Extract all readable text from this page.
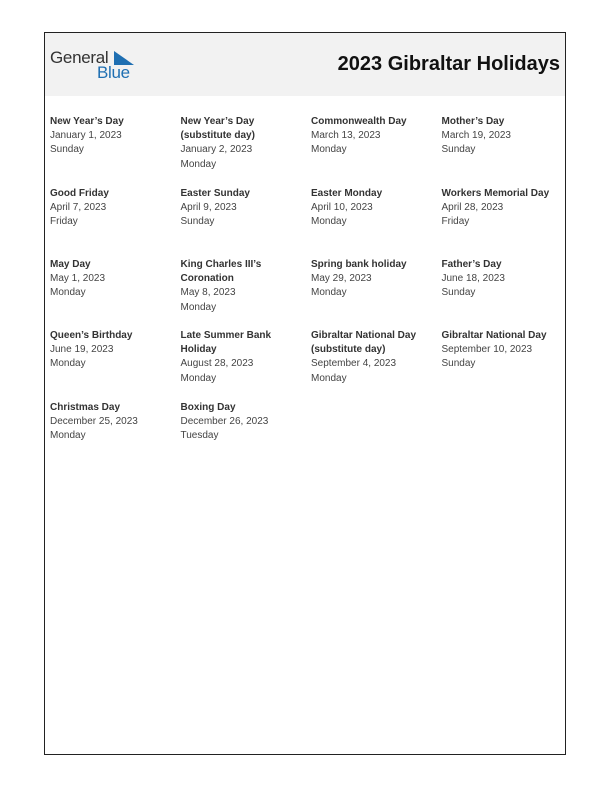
General
Blue	2023 Gibraltar Holidays
New Year’s Day
January 1, 2023
Sunday
New Year’s Day (substitute day)
January 2, 2023
Monday
Commonwealth Day
March 13, 2023
Monday
Mother’s Day
March 19, 2023
Sunday
Good Friday
April 7, 2023
Friday
Easter Sunday
April 9, 2023
Sunday
Easter Monday
April 10, 2023
Monday
Workers Memorial Day
April 28, 2023
Friday
May Day
May 1, 2023
Monday
King Charles III’s Coronation
May 8, 2023
Monday
Spring bank holiday
May 29, 2023
Monday
Father’s Day
June 18, 2023
Sunday
Queen’s Birthday
June 19, 2023
Monday
Late Summer Bank Holiday
August 28, 2023
Monday
Gibraltar National Day (substitute day)
September 4, 2023
Monday
Gibraltar National Day
September 10, 2023
Sunday
Christmas Day
December 25, 2023
Monday
Boxing Day
December 26, 2023
Tuesday
